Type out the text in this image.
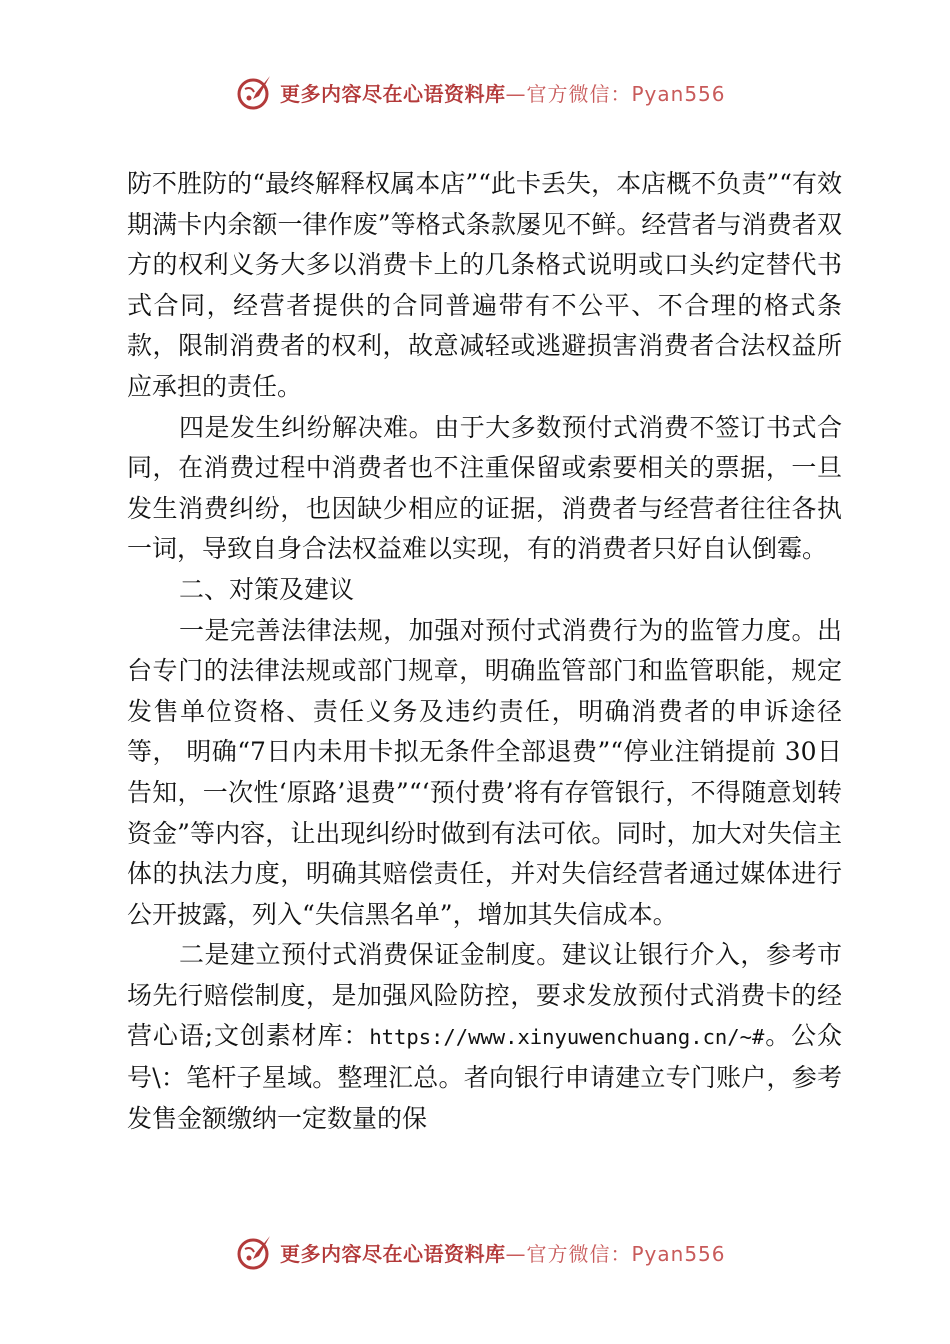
更多内容尽在心语资料库 —官方微信：Pyan556

防不胜防的“最终解释权属本店”“此卡丢失，本店概不负责”“有效期满卡内余额一律作废”等格式条款屡见不鲜。经营者与消费者双方的权利义务大多以消费卡上的几条格式说明或口头约定替代书式合同，经营者提供的合同普遍带有不公平、不合理的格式条款，限制消费者的权利，故意减轻或逃避损害消费者合法权益所应承担的责任。

四是发生纠纷解决难。由于大多数预付式消费不签订书式合同，在消费过程中消费者也不注重保留或索要相关的票据，一旦发生消费纠纷，也因缺少相应的证据，消费者与经营者往往各执一词，导致自身合法权益难以实现，有的消费者只好自认倒霉。

二、对策及建议

一是完善法律法规，加强对预付式消费行为的监管力度。出台专门的法律法规或部门规章，明确监管部门和监管职能，规定发售单位资格、责任义务及违约责任，明确消费者的申诉途径等， 明确“7日内未用卡拟无条件全部退费”“停业注销提前 30日告知，一次性‘原路’退费”“‘预付费’将有存管银行，不得随意划转资金”等内容，让出现纠纷时做到有法可依。同时，加大对失信主体的执法力度，明确其赔偿责任，并对失信经营者通过媒体进行公开披露，列入“失信黑名单”，增加其失信成本。

二是建立预付式消费保证金制度。建议让银行介入，参考市场先行赔偿制度，是加强风险防控，要求发放预付式消费卡的经营心语;文创素材库：https://www.xinyuwenchuang.cn/~#。公众号\：笔杆子星域。整理汇总。者向银行申请建立专门账户，参考发售金额缴纳一定数量的保

更多内容尽在心语资料库 —官方微信：Pyan556
